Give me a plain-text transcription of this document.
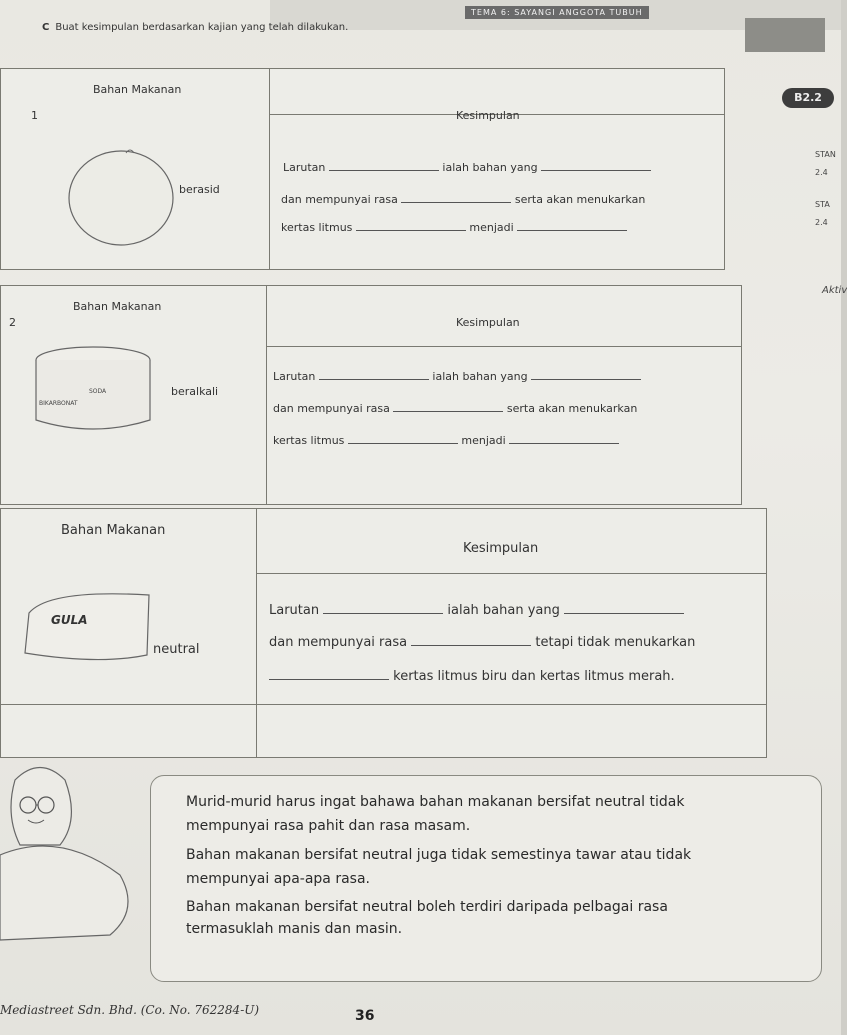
TEMA 6: SAYANGI ANGGOTA TUBUH
C Buat kesimpulan berdasarkan kajian yang telah dilakukan.
B2.2
STAN
2.4
STA
2.4
Aktiv
Bahan Makanan
Kesimpulan
1
berasid
Larutan	ialah bahan yang
dan mempunyai rasa	serta akan menukarkan
kertas litmus	menjadi
Bahan Makanan
Kesimpulan
2
SODA
BIKARBONAT
beralkali
Larutan	ialah bahan yang
dan mempunyai rasa	serta akan menukarkan
kertas litmus	menjadi
Bahan Makanan
Kesimpulan
GULA
neutral
Larutan	ialah bahan yang
dan mempunyai rasa	tetapi tidak menukarkan
kertas litmus biru dan kertas litmus merah.
Murid-murid harus ingat bahawa bahan makanan bersifat neutral tidak
mempunyai rasa pahit dan rasa masam.
Bahan makanan bersifat neutral juga tidak semestinya tawar atau tidak
mempunyai apa-apa rasa.
Bahan makanan bersifat neutral boleh terdiri daripada pelbagai rasa
termasuklah manis dan masin.
Mediastreet Sdn. Bhd. (Co. No. 762284-U)	36
